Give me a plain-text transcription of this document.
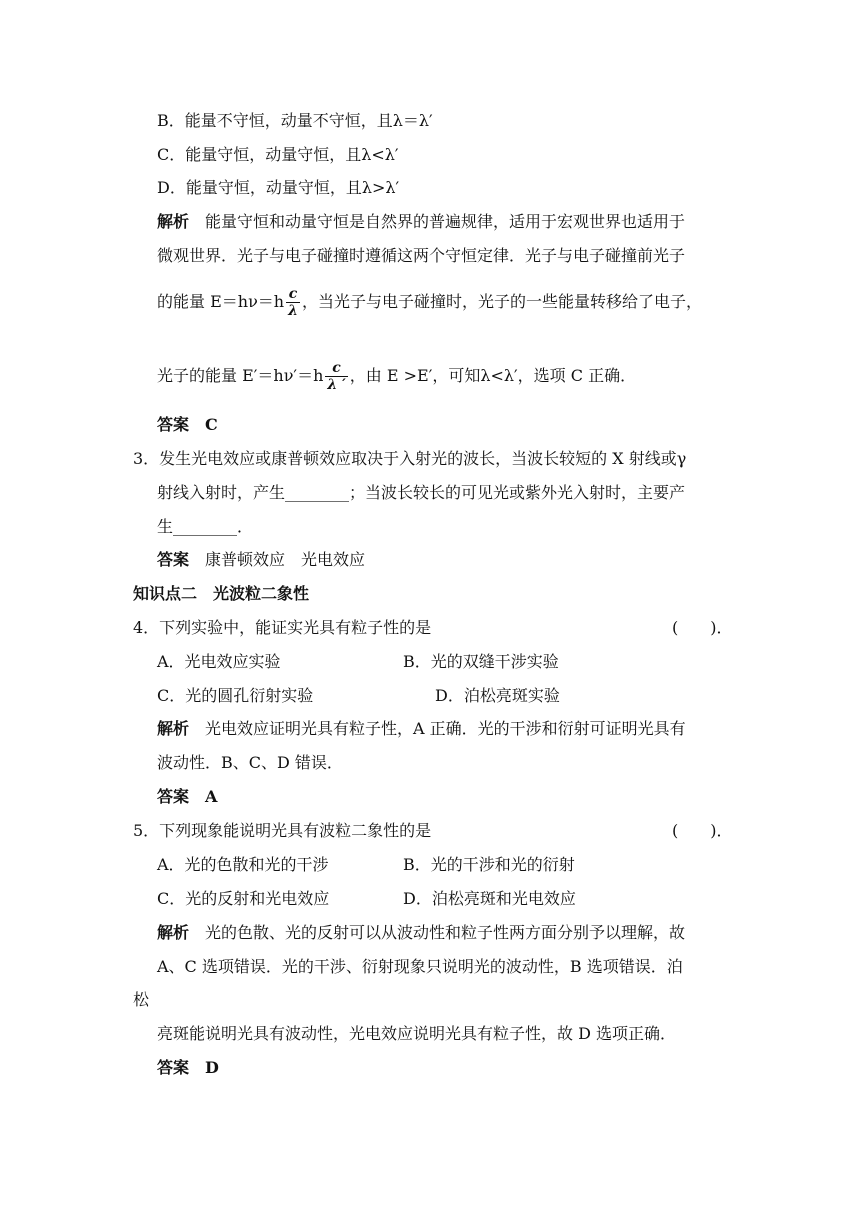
B．能量不守恒，动量不守恒，且λ＝λ′
C．能量守恒，动量守恒，且λ<λ′
D．能量守恒，动量守恒，且λ>λ′
解析　 能量守恒和动量守恒是自然界的普遍规律，适用于宏观世界也适用于
微观世界．光子与电子碰撞时遵循这两个守恒定律．光子与电子碰撞前光子
的能量 $E=h\nu=h \frac{c}{\lambda}$ ，当光子与电子碰撞时，光子的一些能量转移给了电子，
光子的能量 $E'=h\nu'=h \frac{c}{\lambda '}$ ，由 E >E′，可知λ<λ′，选项 C 正确．
答案　 C
3．发生光电效应或康普顿效应取决于入射光的波长，当波长较短的 X 射线或γ
射线入射时，产生________；当波长较长的可见光或紫外光入射时，主要产
生________．
答案　 康普顿效应　光电效应
知识点二　光波粒二象性
4．下列实验中，能证实光具有粒子性的是	(　　)．
A．光电效应实验	B．光的双缝干涉实验
C．光的圆孔衍射实验	D．泊松亮斑实验
解析　 光电效应证明光具有粒子性，A 正确．光的干涉和衍射可证明光具有
波动性．B、C、D 错误．
答案　 A
5．下列现象能说明光具有波粒二象性的是	(　　)．
A．光的色散和光的干涉	B．光的干涉和光的衍射
C．光的反射和光电效应	D．泊松亮斑和光电效应
解析　 光的色散、光的反射可以从波动性和粒子性两方面分别予以理解，故
A、C 选项错误．光的干涉、衍射现象只说明光的波动性，B 选项错误．泊
松
亮斑能说明光具有波动性，光电效应说明光具有粒子性，故 D 选项正确．
答案　 D
